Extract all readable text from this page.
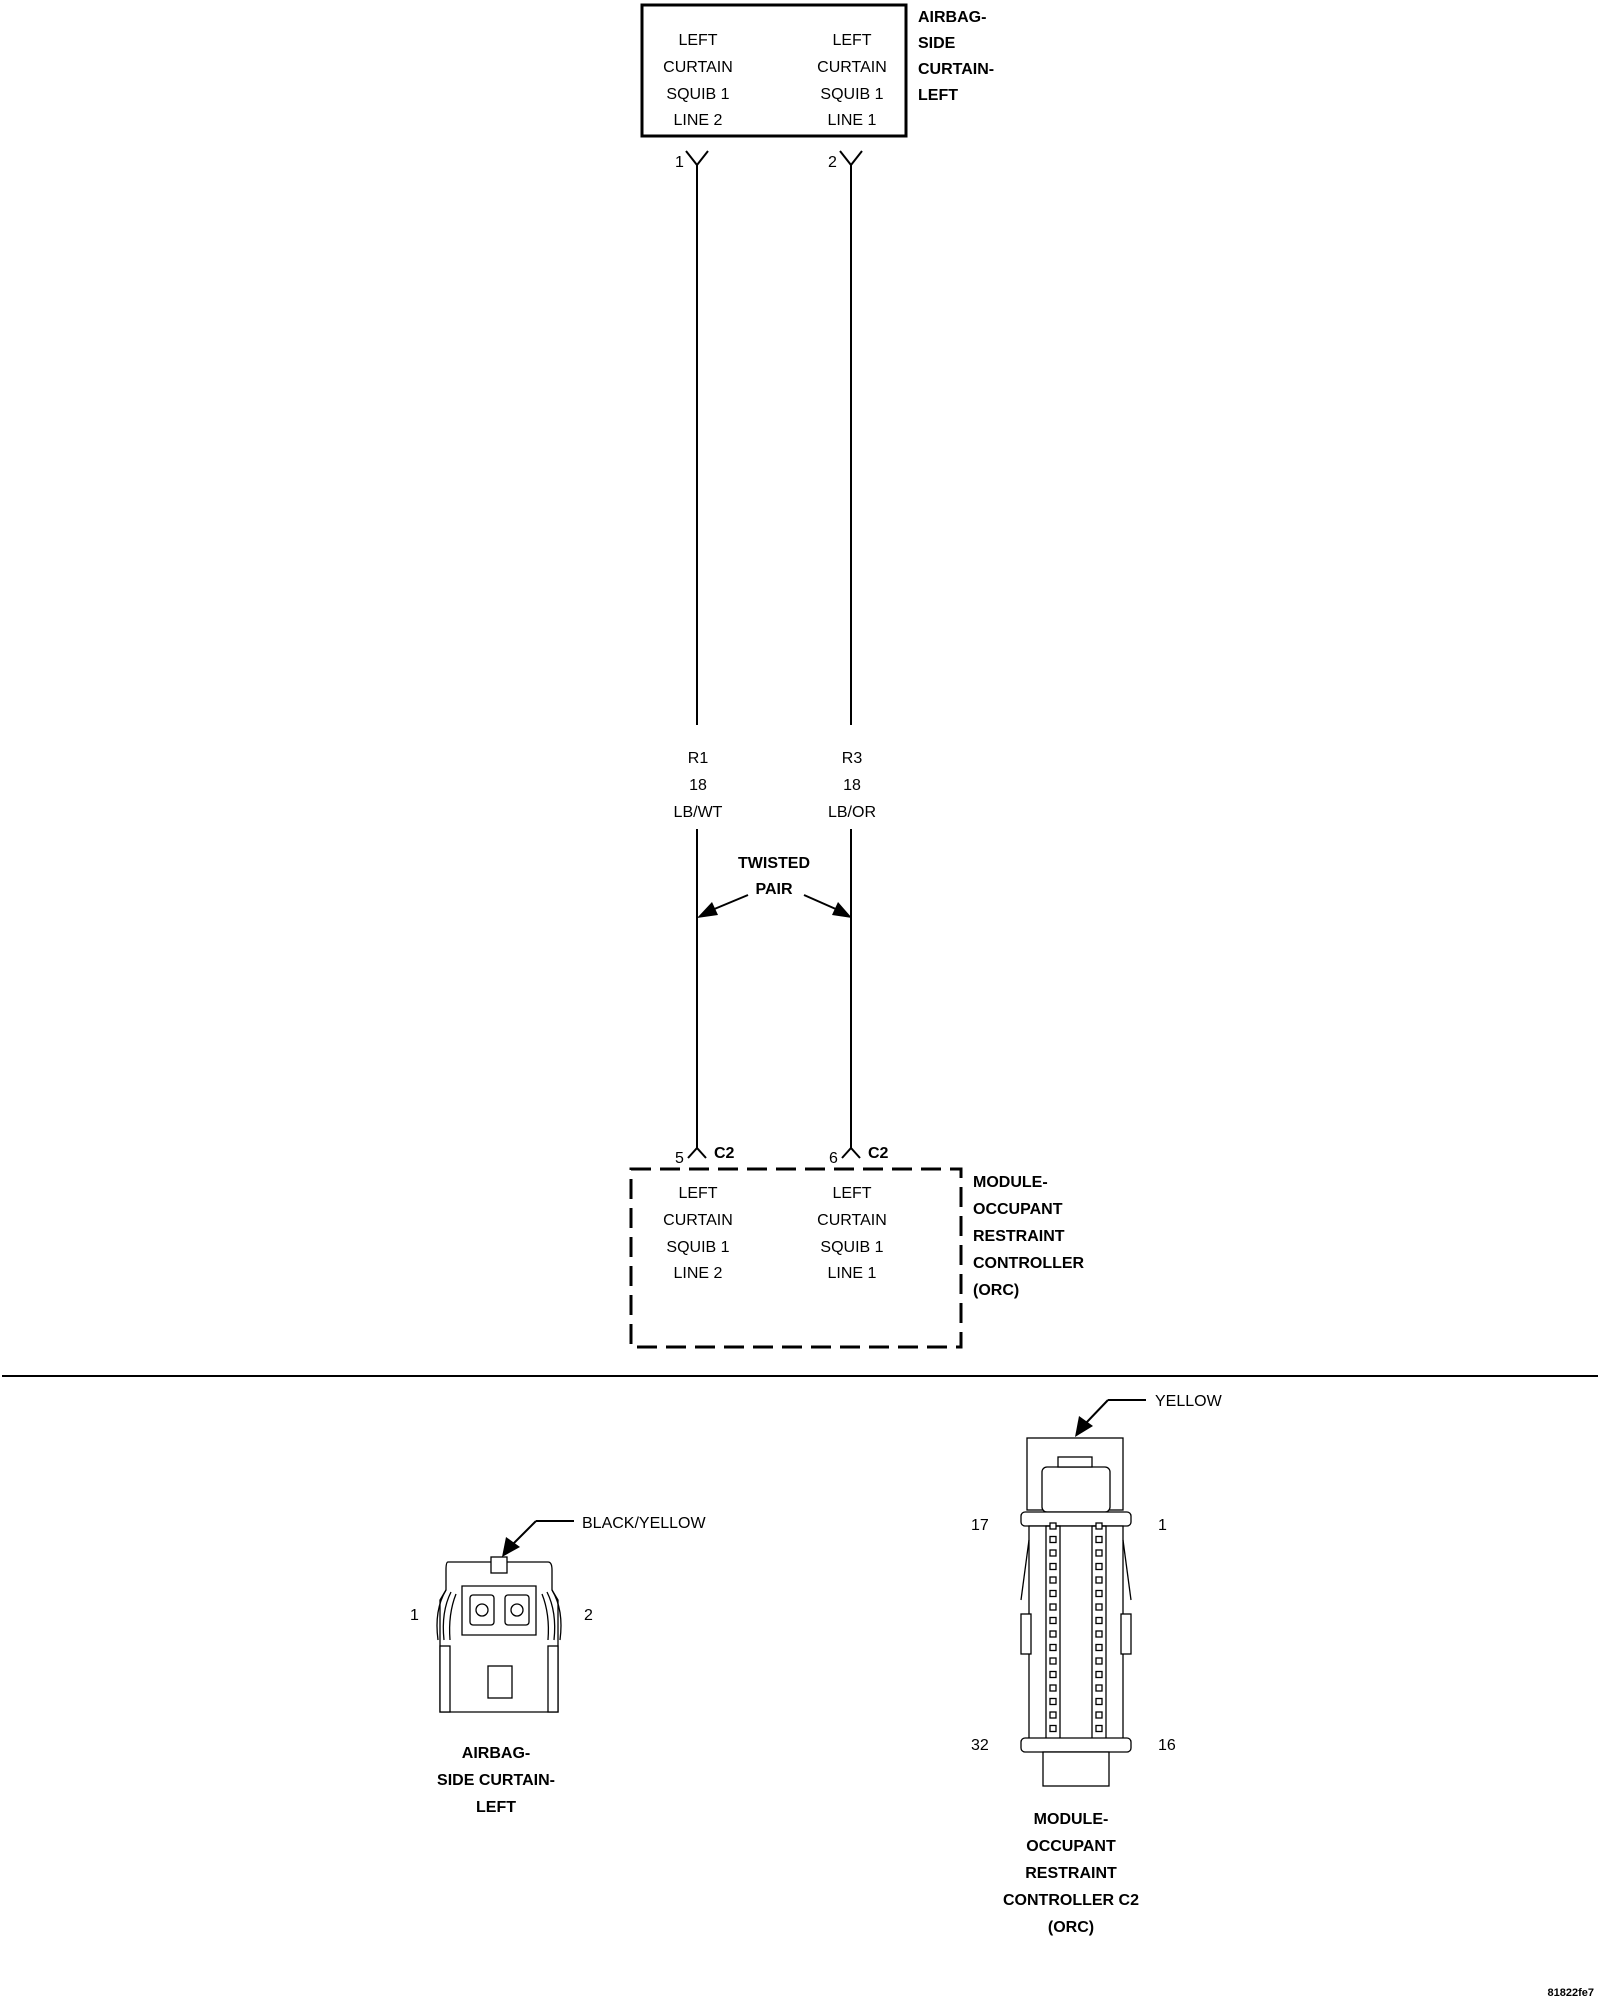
LEFT
CURTAIN
SQUIB 1
LINE 2
LEFT
CURTAIN
SQUIB 1
LINE 1
AIRBAG-
SIDE
CURTAIN-
LEFT
1	2
R1
18
LB/WT
R3
18
LB/OR
TWISTED
PAIR
5 C2	6 C2
LEFT
CURTAIN
SQUIB 1
LINE 2
LEFT
CURTAIN
SQUIB 1
LINE 1
MODULE-
OCCUPANT
RESTRAINT
CONTROLLER
(ORC)
BLACK/YELLOW
1	2
AIRBAG-
SIDE CURTAIN-
LEFT
YELLOW
17	1
32	16
MODULE-
OCCUPANT
RESTRAINT
CONTROLLER C2
(ORC)
81822fe7
